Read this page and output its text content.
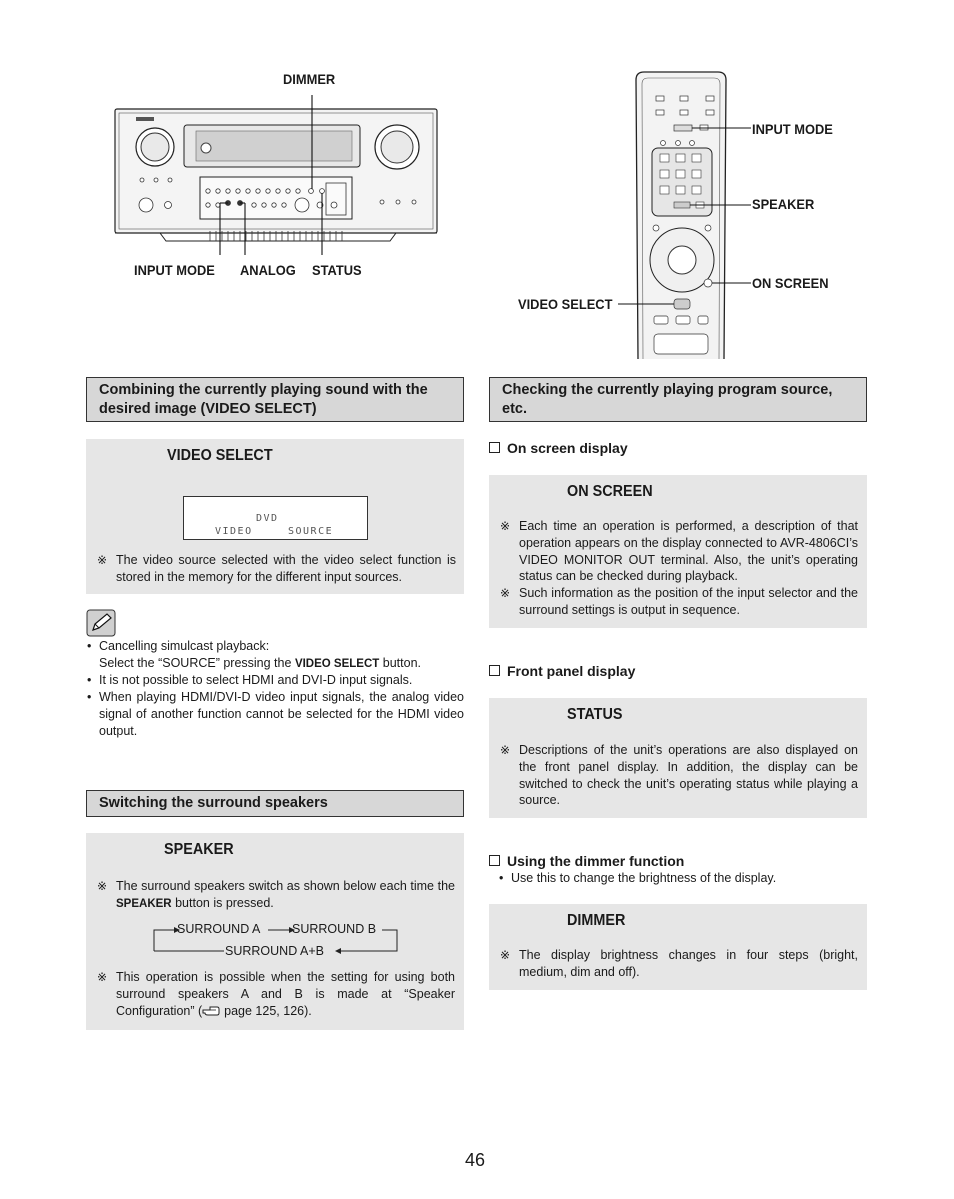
DIMMER
INPUT MODE ANALOG STATUS
INPUT MODE
SPEAKER
ON SCREEN
VIDEO SELECT
Combining the currently playing sound with the desired image (VIDEO SELECT)
VIDEO SELECT
DVD
VIDEO	SOURCE
※ The video source selected with the video select function is stored in the memory for the different input sources.
• Cancelling simulcast playback:
Select the “SOURCE” pressing the VIDEO SELECT button.
• It is not possible to select HDMI and DVI-D input signals.
• When playing HDMI/DVI-D video input signals, the analog video signal of another function cannot be selected for the HDMI video output.
Switching the surround speakers
SPEAKER
※ The surround speakers switch as shown below each time the SPEAKER button is pressed.
SURROUND A	SURROUND B
SURROUND A+B
※ This operation is possible when the setting for using both surround speakers A and B is made at “Speaker Configuration” ( page 125, 126).
Checking the currently playing program source, etc.
On screen display
ON SCREEN
※ Each time an operation is performed, a description of that operation appears on the display connected to AVR-4806CI’s VIDEO MONITOR OUT terminal. Also, the unit’s operating status can be checked during playback.
※ Such information as the position of the input selector and the surround settings is output in sequence.
Front panel display
STATUS
※ Descriptions of the unit’s operations are also displayed on the front panel display. In addition, the display can be switched to check the unit’s operating status while playing a source.
Using the dimmer function
• Use this to change the brightness of the display.
DIMMER
※ The display brightness changes in four steps (bright, medium, dim and off).
46
